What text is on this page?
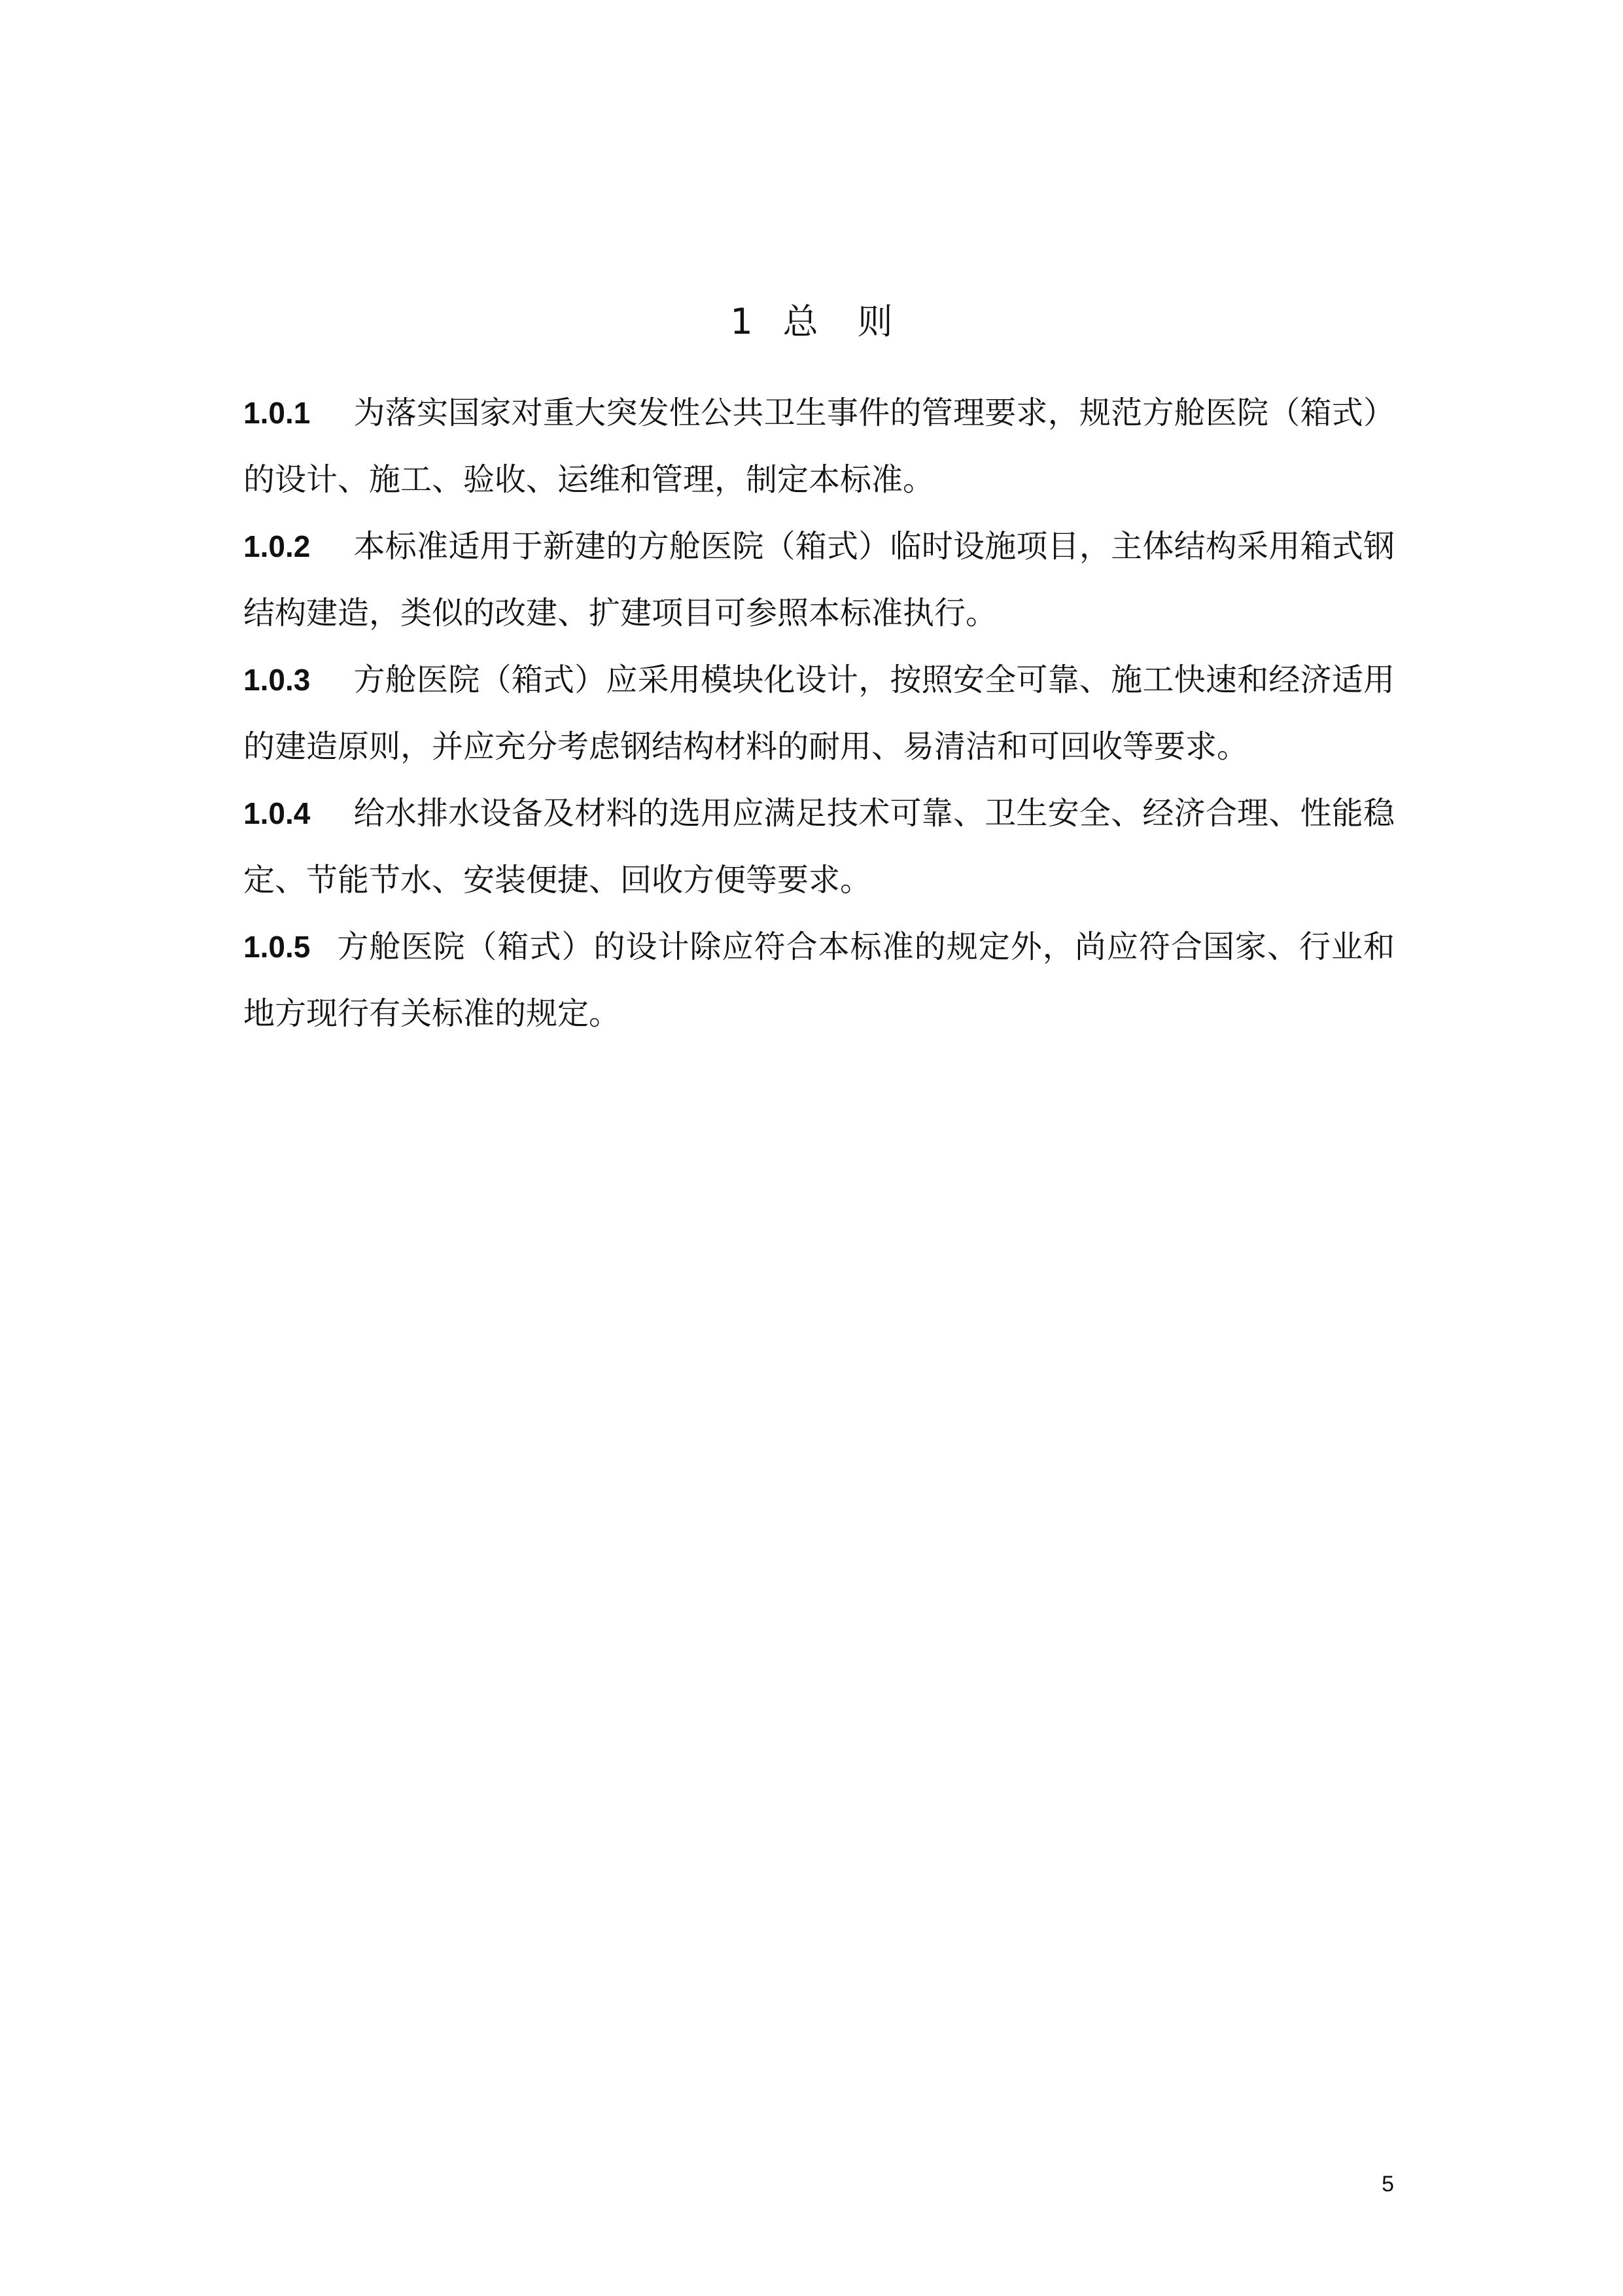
1 总 则

1.0.1 为落实国家对重大突发性公共卫生事件的管理要求，规范方舱医院（箱式）的设计、施工、验收、运维和管理，制定本标准。

1.0.2 本标准适用于新建的方舱医院（箱式）临时设施项目，主体结构采用箱式钢结构建造，类似的改建、扩建项目可参照本标准执行。

1.0.3 方舱医院（箱式）应采用模块化设计，按照安全可靠、施工快速和经济适用的建造原则，并应充分考虑钢结构材料的耐用、易清洁和可回收等要求。

1.0.4 给水排水设备及材料的选用应满足技术可靠、卫生安全、经济合理、性能稳定、节能节水、安装便捷、回收方便等要求。

1.0.5 方舱医院（箱式）的设计除应符合本标准的规定外，尚应符合国家、行业和地方现行有关标准的规定。

5
